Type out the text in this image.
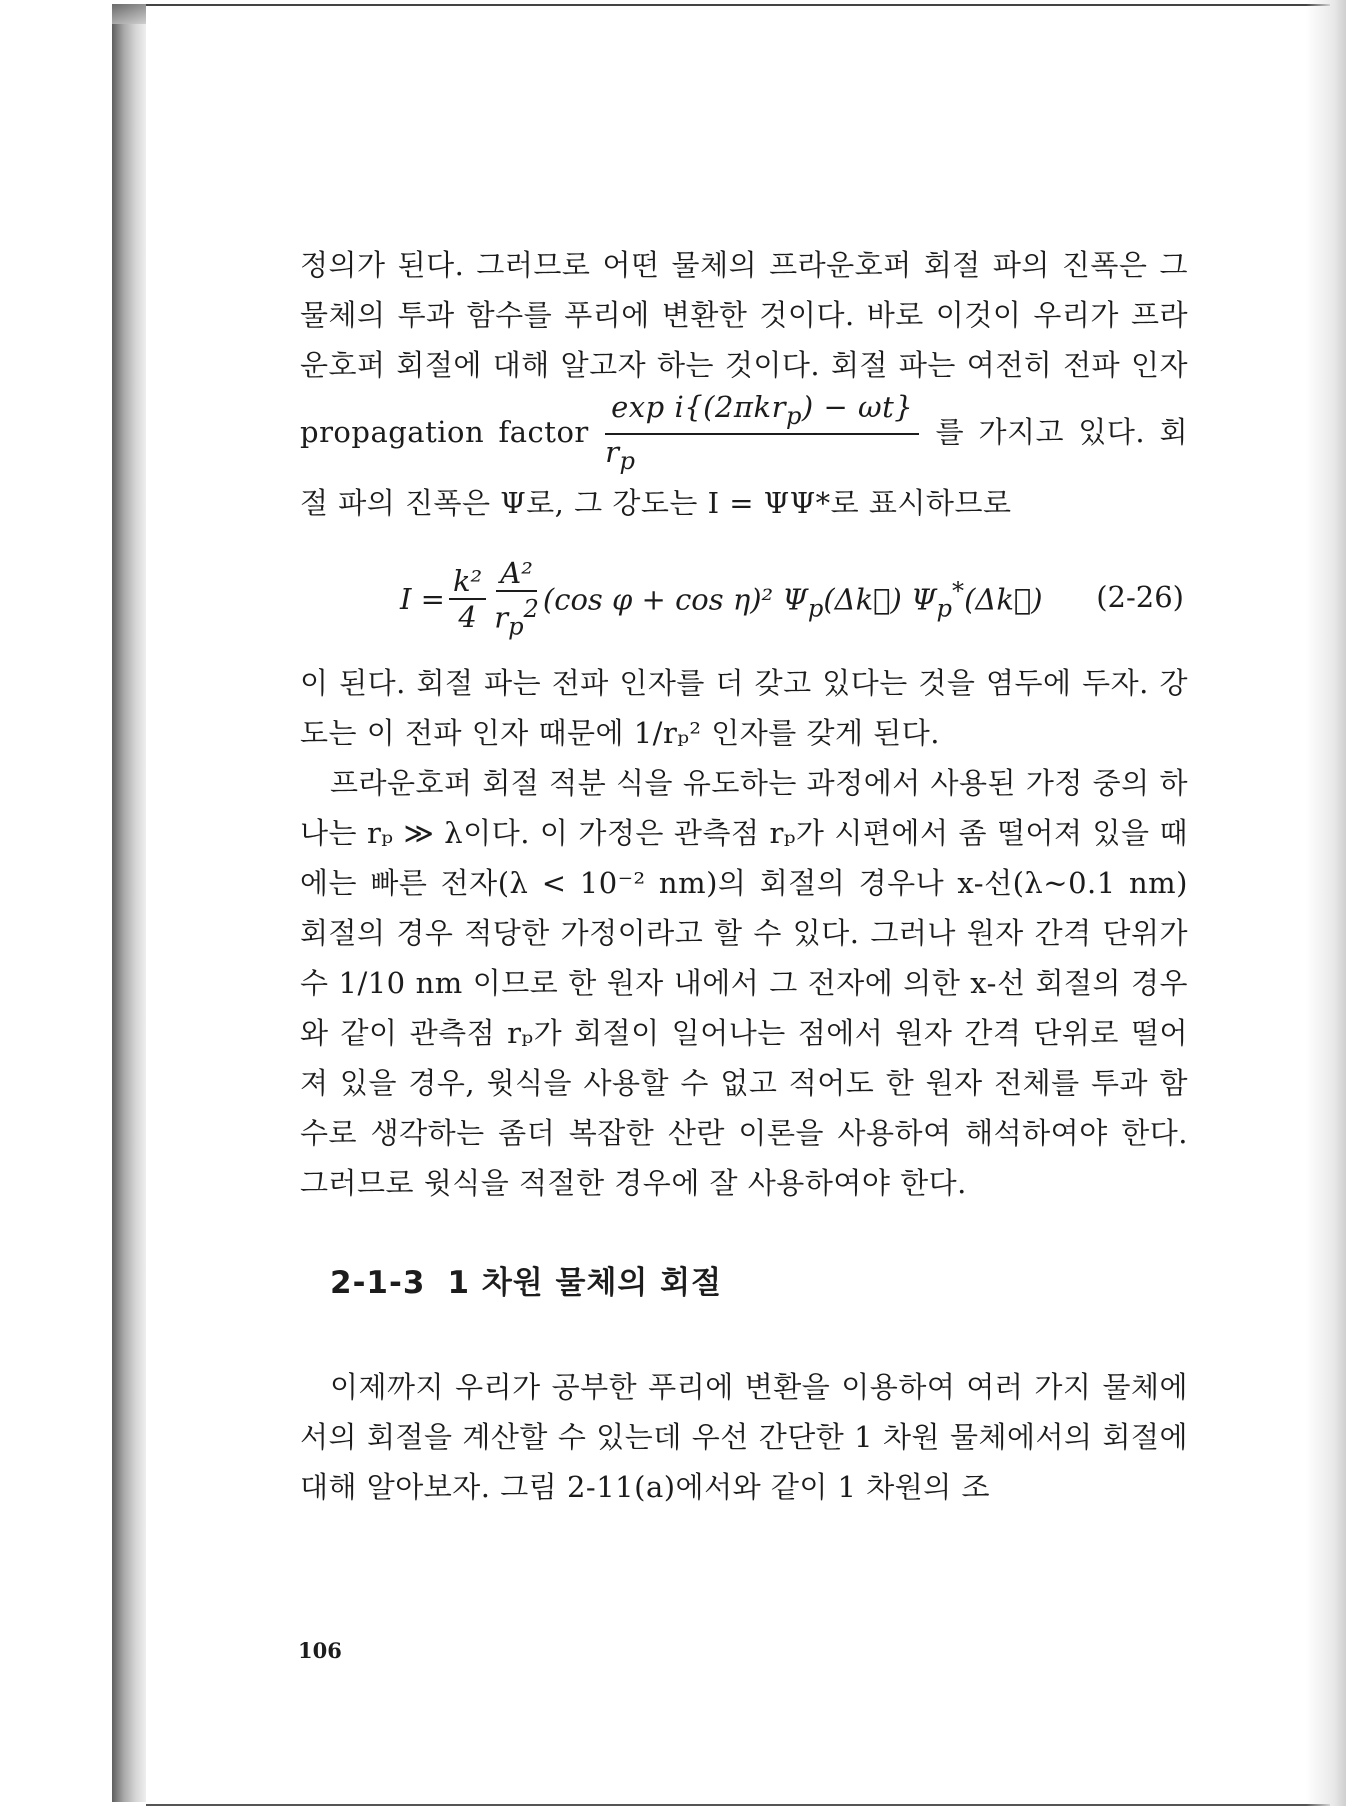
정의가 된다. 그러므로 어떤 물체의 프라운호퍼 회절 파의 진폭은 그 물체의 투과 함수를 푸리에 변환한 것이다. 바로 이것이 우리가 프라운호퍼 회절에 대해 알고자 하는 것이다. 회절 파는 여전히 전파 인자 propagation factor $\frac{\exp i\{(2\pi kr_p) - \omega t\}}{r_p}$ 를 가지고 있다. 회절 파의 진폭은 Ψ로, 그 강도는 I = ΨΨ*로 표시하므로

$I = \frac{\text{k²}}{4} \frac{\text{A²}}{r_p^2} (\cos$ φ + cos η)² $\Psi_p(\Delta k⃗)$ $\Psi_p^*(\Delta k⃗)$ (2-26)

이 된다. 회절 파는 전파 인자를 더 갖고 있다는 것을 염두에 두자. 강도는 이 전파 인자 때문에 1/rₚ² 인자를 갖게 된다.

프라운호퍼 회절 적분 식을 유도하는 과정에서 사용된 가정 중의 하나는 rₚ ≫ λ이다. 이 가정은 관측점 rₚ가 시편에서 좀 떨어져 있을 때에는 빠른 전자(λ < 10⁻² nm)의 회절의 경우나 x-선(λ~0.1 nm) 회절의 경우 적당한 가정이라고 할 수 있다. 그러나 원자 간격 단위가 수 1/10 nm 이므로 한 원자 내에서 그 전자에 의한 x-선 회절의 경우와 같이 관측점 rₚ가 회절이 일어나는 점에서 원자 간격 단위로 떨어져 있을 경우, 윗식을 사용할 수 없고 적어도 한 원자 전체를 투과 함수로 생각하는 좀더 복잡한 산란 이론을 사용하여 해석하여야 한다. 그러므로 윗식을 적절한 경우에 잘 사용하여야 한다.

2-1-3 1 차원 물체의 회절

이제까지 우리가 공부한 푸리에 변환을 이용하여 여러 가지 물체에서의 회절을 계산할 수 있는데 우선 간단한 1 차원 물체에서의 회절에 대해 알아보자. 그림 2-11(a)에서와 같이 1 차원의 조

106
